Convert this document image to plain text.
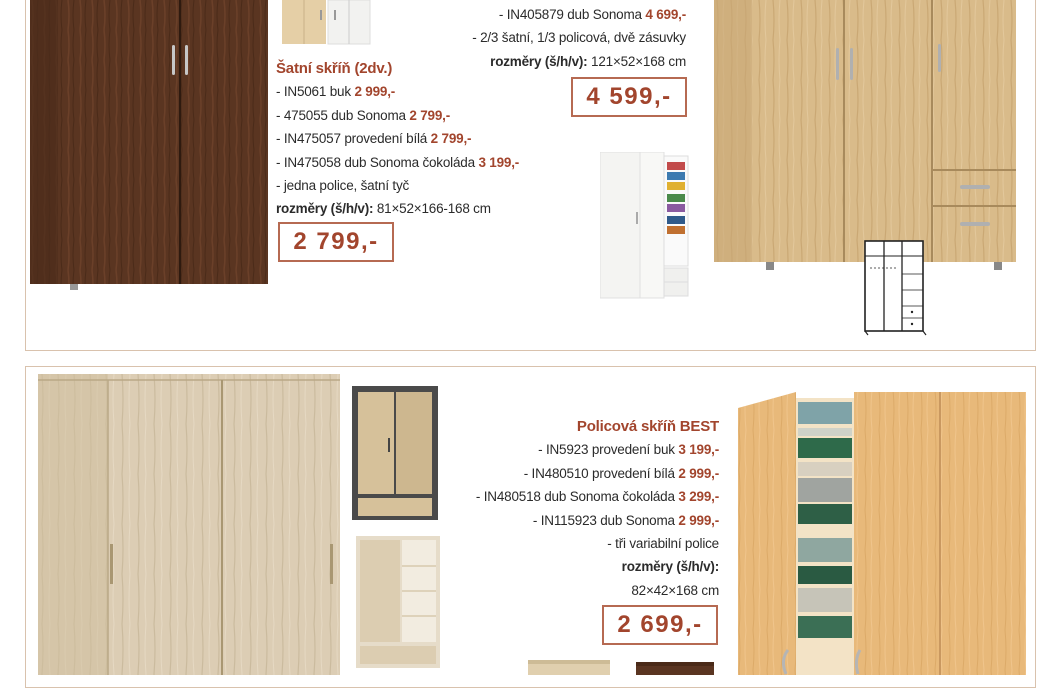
- IN405879 dub Sonoma 4 699,-
- 2/3 šatní, 1/3 policová, dvě zásuvky
rozměry (š/h/v): 121×52×168 cm
4 599,-
Šatní skříň (2dv.)
- IN5061 buk 2 999,-
- 475055 dub Sonoma 2 799,-
- IN475057 provedení bílá 2 799,-
- IN475058 dub Sonoma čokoláda 3 199,-
- jedna police, šatní tyč
rozměry (š/h/v): 81×52×166-168 cm
2 799,-
Policová skříň BEST
- IN5923 provedení buk 3 199,-
- IN480510 provedení bílá 2 999,-
- IN480518 dub Sonoma čokoláda 3 299,-
- IN115923 dub Sonoma 2 999,-
- tři variabilní police
rozměry (š/h/v):
82×42×168 cm
2 699,-
